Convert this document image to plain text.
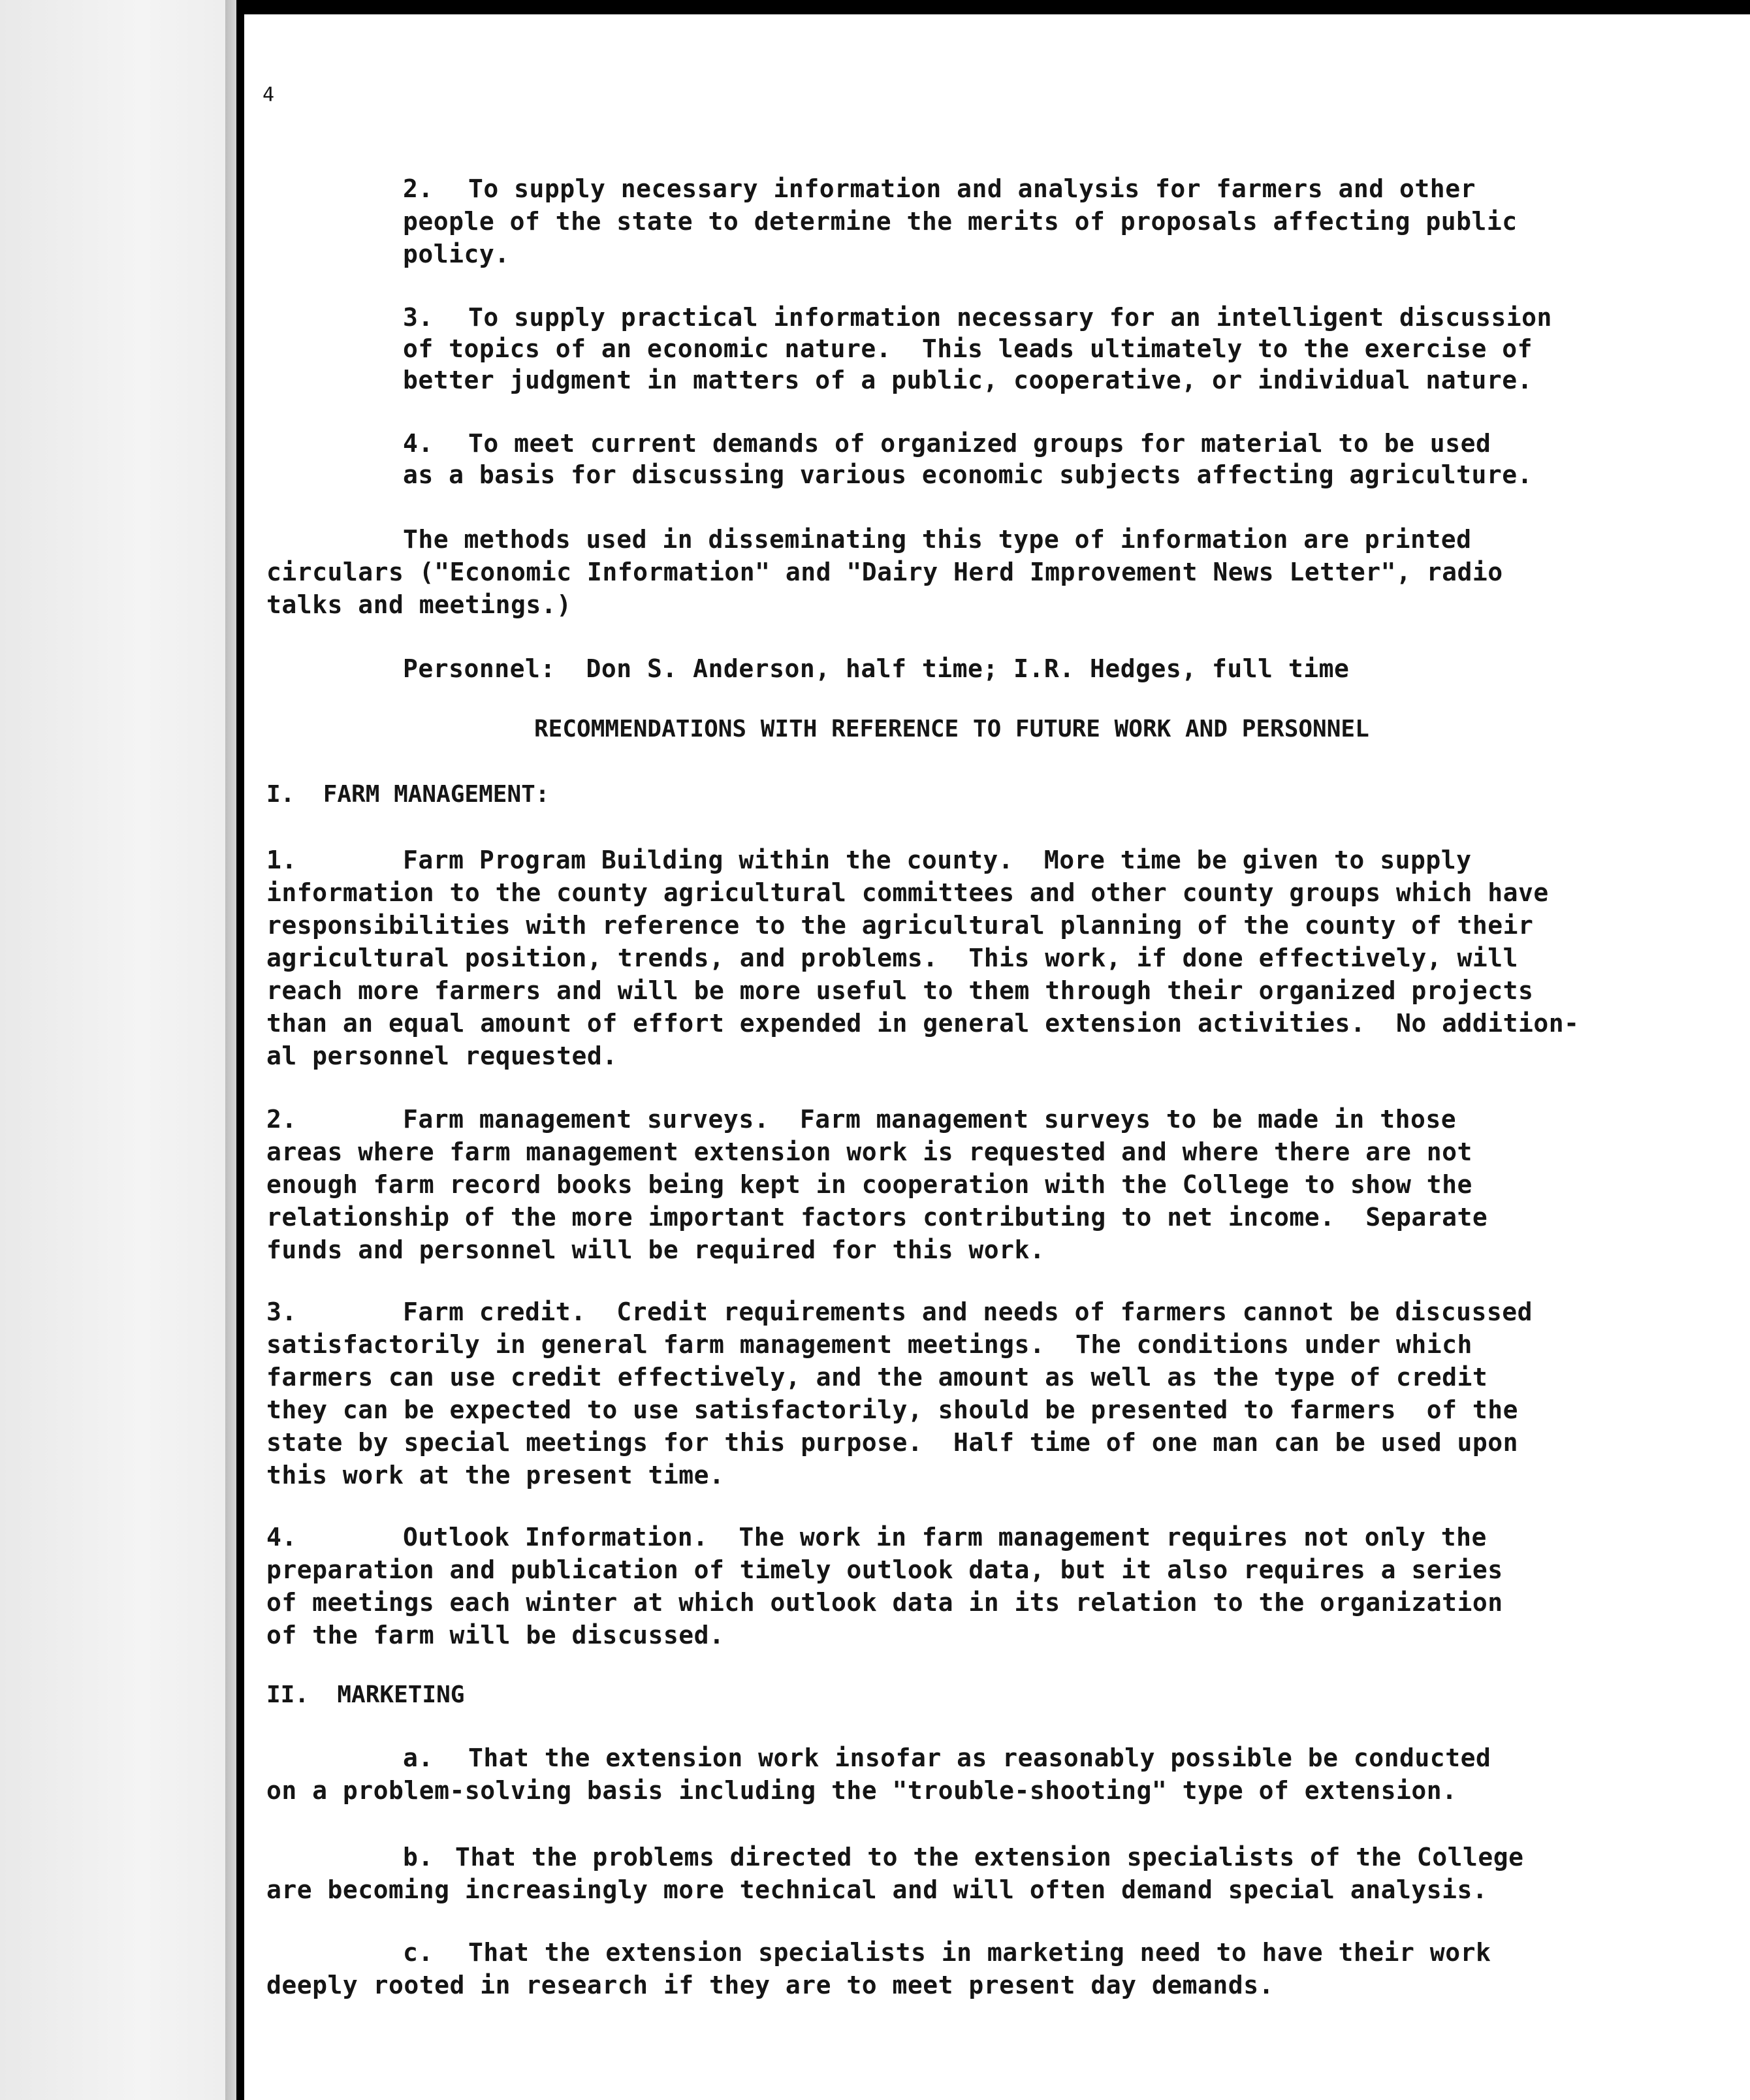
4
2. To supply necessary information and analysis for farmers and other
people of the state to determine the merits of proposals affecting public
policy.
3. To supply practical information necessary for an intelligent discussion
of topics of an economic nature.  This leads ultimately to the exercise of
better judgment in matters of a public, cooperative, or individual nature.
4. To meet current demands of organized groups for material to be used
as a basis for discussing various economic subjects affecting agriculture.
The methods used in disseminating this type of information are printed
circulars ("Economic Information" and "Dairy Herd Improvement News Letter", radio
talks and meetings.)
Personnel:  Don S. Anderson, half time; I.R. Hedges, full time
RECOMMENDATIONS WITH REFERENCE TO FUTURE WORK AND PERSONNEL
I.  FARM MANAGEMENT:
1.	Farm Program Building within the county.  More time be given to supply
information to the county agricultural committees and other county groups which have
responsibilities with reference to the agricultural planning of the county of their
agricultural position, trends, and problems.  This work, if done effectively, will
reach more farmers and will be more useful to them through their organized projects
than an equal amount of effort expended in general extension activities.  No addition-
al personnel requested.
2.	Farm management surveys.  Farm management surveys to be made in those
areas where farm management extension work is requested and where there are not
enough farm record books being kept in cooperation with the College to show the
relationship of the more important factors contributing to net income.  Separate
funds and personnel will be required for this work.
3.	Farm credit.  Credit requirements and needs of farmers cannot be discussed
satisfactorily in general farm management meetings.  The conditions under which
farmers can use credit effectively, and the amount as well as the type of credit
they can be expected to use satisfactorily, should be presented to farmers  of the
state by special meetings for this purpose.  Half time of one man can be used upon
this work at the present time.
4.	Outlook Information.  The work in farm management requires not only the
preparation and publication of timely outlook data, but it also requires a series
of meetings each winter at which outlook data in its relation to the organization
of the farm will be discussed.
II.  MARKETING
a. That the extension work insofar as reasonably possible be conducted
on a problem-solving basis including the "trouble-shooting" type of extension.
b. That the problems directed to the extension specialists of the College
are becoming increasingly more technical and will often demand special analysis.
c. That the extension specialists in marketing need to have their work
deeply rooted in research if they are to meet present day demands.
